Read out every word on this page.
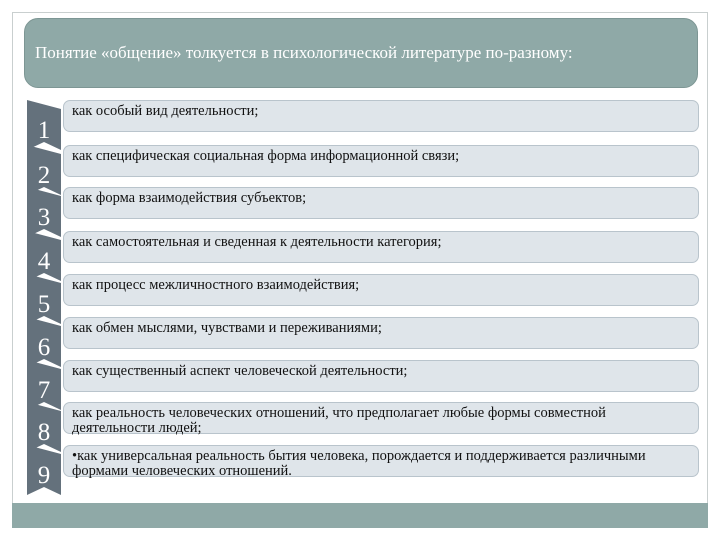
Понятие «общение» толкуется в психологической литературе по-разному:
1
как особый вид деятельности;
2
как специфическая социальная форма информационной связи;
3
как форма взаимодействия субъектов;
4
как самостоятельная и сведенная к деятельности категория;
5
как процесс межличностного взаимодействия;
6
как обмен мыслями, чувствами и переживаниями;
7
как существенный аспект человеческой деятельности;
8
как реальность человеческих отношений, что предполагает любые формы совместной деятельности людей;
9
•как универсальная реальность бытия человека, порождается и поддерживается различными формами человеческих отношений.
